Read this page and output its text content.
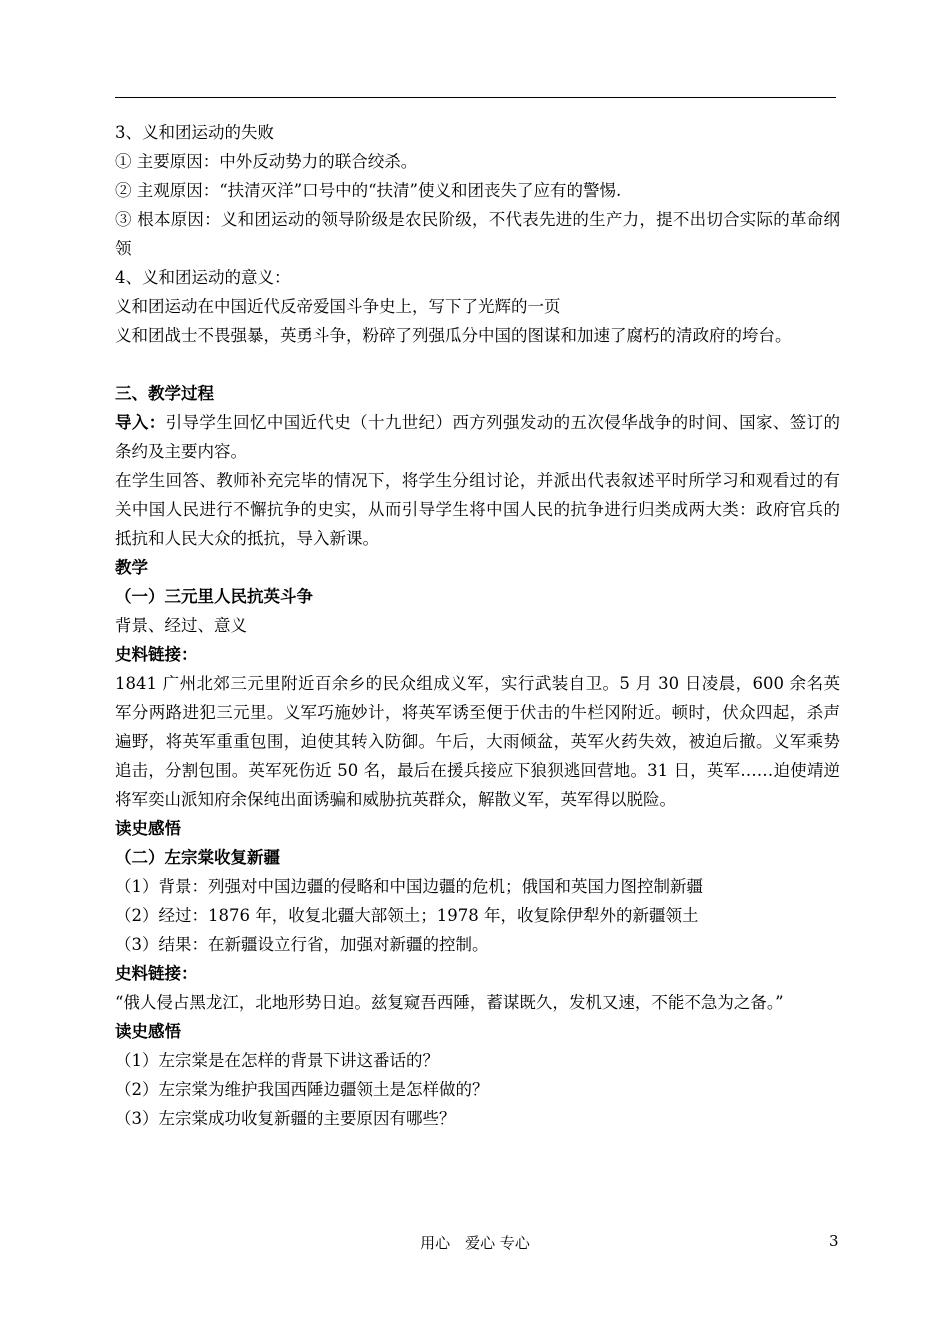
3、义和团运动的失败

① 主要原因：中外反动势力的联合绞杀。

② 主观原因：“扶清灭洋”口号中的“扶清”使义和团丧失了应有的警惕.

③ 根本原因：义和团运动的领导阶级是农民阶级，不代表先进的生产力，提不出切合实际的革命纲领

4、义和团运动的意义：

义和团运动在中国近代反帝爱国斗争史上，写下了光辉的一页

义和团战士不畏强暴，英勇斗争，粉碎了列强瓜分中国的图谋和加速了腐朽的清政府的垮台。

三、教学过程

导入：引导学生回忆中国近代史（十九世纪）西方列强发动的五次侵华战争的时间、国家、签订的条约及主要内容。

在学生回答、教师补充完毕的情况下，将学生分组讨论，并派出代表叙述平时所学习和观看过的有关中国人民进行不懈抗争的史实，从而引导学生将中国人民的抗争进行归类成两大类：政府官兵的抵抗和人民大众的抵抗，导入新课。

教学

（一）三元里人民抗英斗争

背景、经过、意义

史料链接：

1841 广州北郊三元里附近百余乡的民众组成义军，实行武装自卫。5 月 30 日凌晨，600 余名英军分两路进犯三元里。义军巧施妙计，将英军诱至便于伏击的牛栏冈附近。顿时，伏众四起，杀声遍野，将英军重重包围，迫使其转入防御。午后，大雨倾盆，英军火药失效，被迫后撤。义军乘势追击，分割包围。英军死伤近 50 名，最后在援兵接应下狼狈逃回营地。31 日，英军……迫使靖逆将军奕山派知府余保纯出面诱骗和威胁抗英群众，解散义军，英军得以脱险。

读史感悟

（二）左宗棠收复新疆

（1）背景：列强对中国边疆的侵略和中国边疆的危机；俄国和英国力图控制新疆

（2）经过：1876 年，收复北疆大部领土；1978 年，收复除伊犁外的新疆领土

（3）结果：在新疆设立行省，加强对新疆的控制。

史料链接：

“俄人侵占黑龙江，北地形势日迫。兹复窥吾西陲，蓄谋既久，发机又速，不能不急为之备。”

读史感悟

（1）左宗棠是在怎样的背景下讲这番话的？

（2）左宗棠为维护我国西陲边疆领土是怎样做的？

（3）左宗棠成功收复新疆的主要原因有哪些？

用心　爱心 专心	3
